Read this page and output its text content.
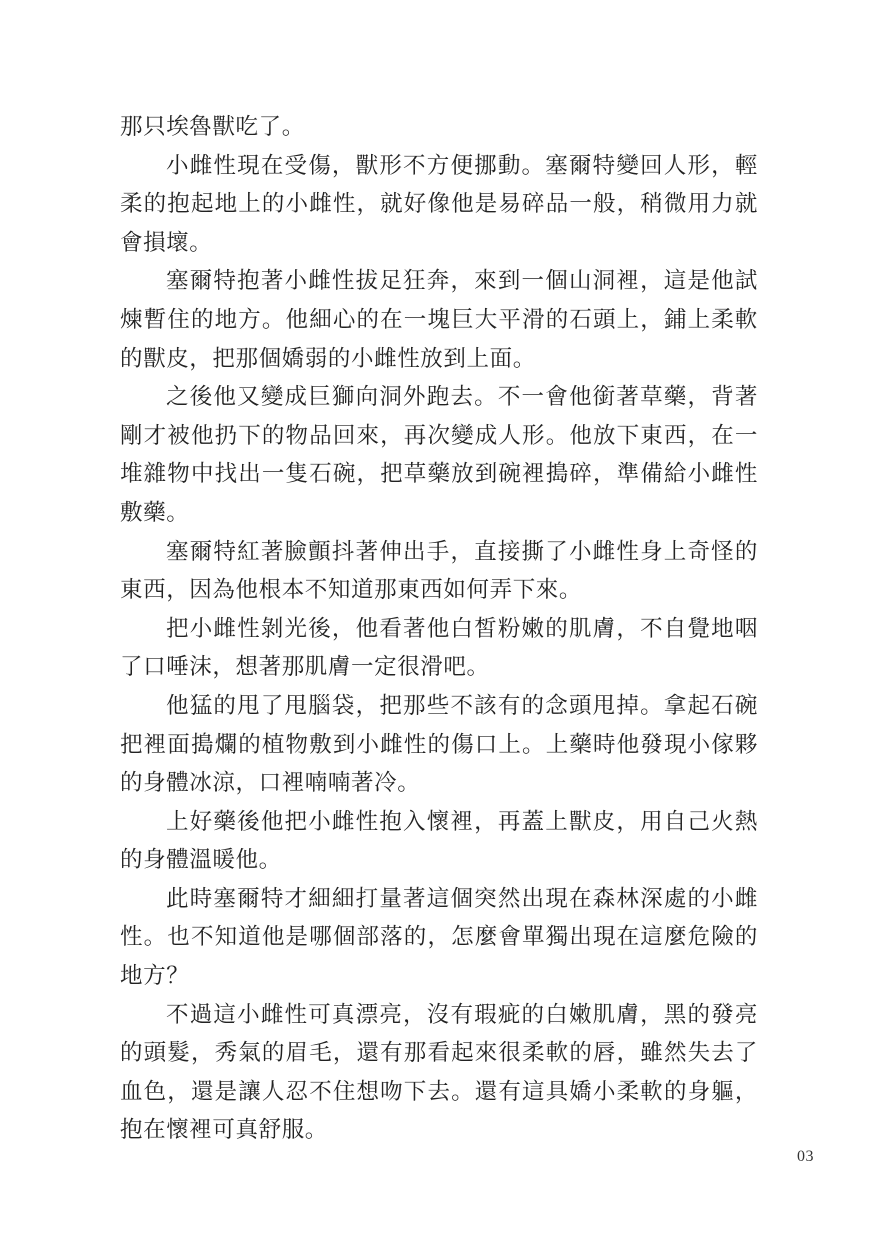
那只埃魯獸吃了。

小雌性現在受傷，獸形不方便挪動。塞爾特變回人形，輕柔的抱起地上的小雌性，就好像他是易碎品一般，稍微用力就會損壞。

塞爾特抱著小雌性拔足狂奔，來到一個山洞裡，這是他試煉暫住的地方。他細心的在一塊巨大平滑的石頭上，鋪上柔軟的獸皮，把那個嬌弱的小雌性放到上面。

之後他又變成巨獅向洞外跑去。不一會他銜著草藥，背著剛才被他扔下的物品回來，再次變成人形。他放下東西，在一堆雜物中找出一隻石碗，把草藥放到碗裡搗碎，準備給小雌性敷藥。

塞爾特紅著臉顫抖著伸出手，直接撕了小雌性身上奇怪的東西，因為他根本不知道那東西如何弄下來。

把小雌性剝光後，他看著他白皙粉嫩的肌膚，不自覺地咽了口唾沫，想著那肌膚一定很滑吧。

他猛的甩了甩腦袋，把那些不該有的念頭甩掉。拿起石碗把裡面搗爛的植物敷到小雌性的傷口上。上藥時他發現小傢夥的身體冰涼，口裡喃喃著冷。

上好藥後他把小雌性抱入懷裡，再蓋上獸皮，用自己火熱的身體溫暖他。

此時塞爾特才細細打量著這個突然出現在森林深處的小雌性。也不知道他是哪個部落的，怎麼會單獨出現在這麼危險的地方？

不過這小雌性可真漂亮，沒有瑕疵的白嫩肌膚，黑的發亮的頭髮，秀氣的眉毛，還有那看起來很柔軟的唇，雖然失去了血色，還是讓人忍不住想吻下去。還有這具嬌小柔軟的身軀，抱在懷裡可真舒服。

03
